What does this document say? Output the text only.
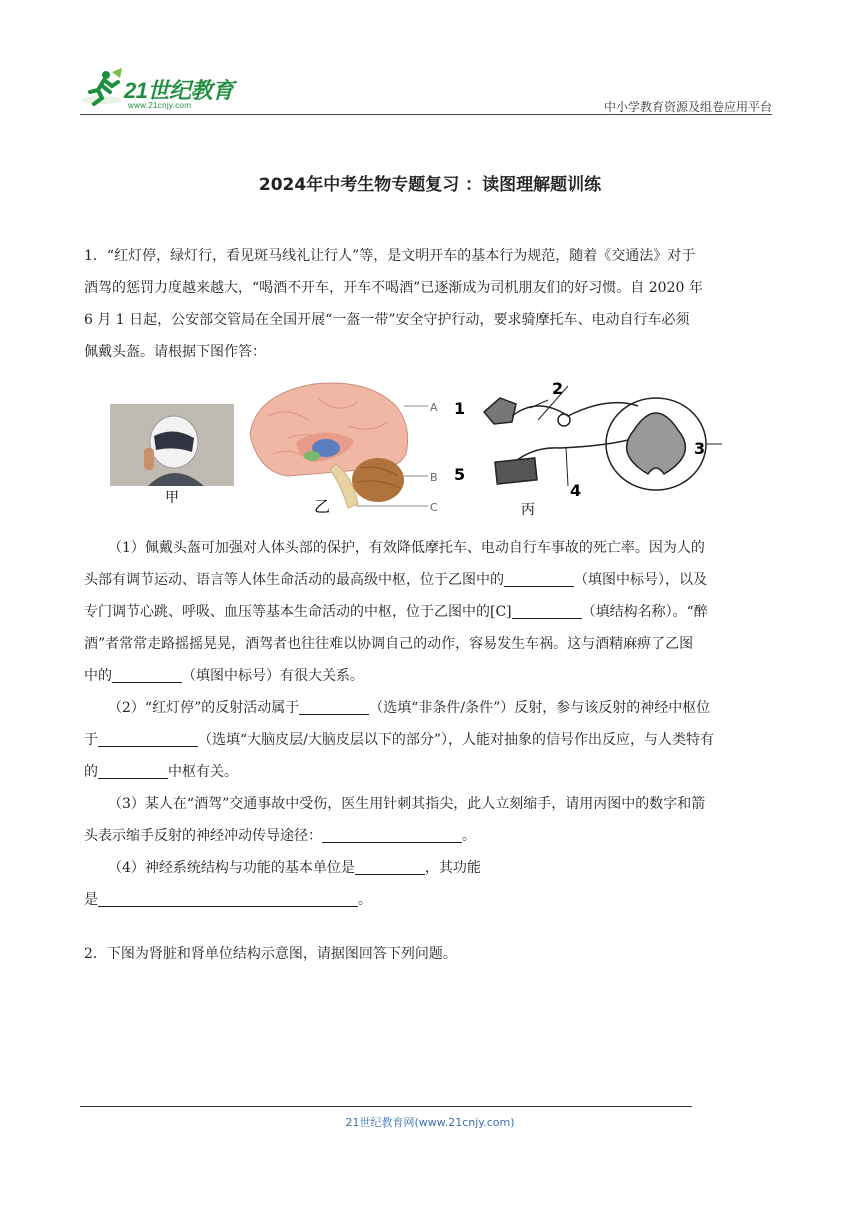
21世纪教育
www.21cnjy.com	中小学教育资源及组卷应用平台
2024年中考生物专题复习 ：读图理解题训练
1．“红灯停，绿灯行，看见斑马线礼让行人”等，是文明开车的基本行为规范，随着《交通法》对于
酒驾的惩罚力度越来越大，“喝酒不开车，开车不喝酒”已逐渐成为司机朋友们的好习惯。自 2020 年
6 月 1 日起，公安部交管局在全国开展“一盔一带”安全守护行动，要求骑摩托车、电动自行车必须
佩戴头盔。请根据下图作答：
甲
A
B
C
乙
1
2
3
4
5
丙
（1）佩戴头盔可加强对人体头部的保护，有效降低摩托车、电动自行车事故的死亡率。因为人的
头部有调节运动、语言等人体生命活动的最高级中枢，位于乙图中的	（填图中标号），以及
专门调节心跳、呼吸、血压等基本生命活动的中枢，位于乙图中的[C]	（填结构名称）。“醉
酒”者常常走路摇摇晃晃，酒驾者也往往难以协调自己的动作，容易发生车祸。这与酒精麻痹了乙图
中的	（填图中标号）有很大关系。
（2）“红灯停”的反射活动属于	（选填“非条件/条件”）反射，参与该反射的神经中枢位
于	（选填“大脑皮层/大脑皮层以下的部分”），人能对抽象的信号作出反应，与人类特有
的	中枢有关。
（3）某人在“酒驾”交通事故中受伤，医生用针刺其指尖，此人立刻缩手，请用丙图中的数字和箭
头表示缩手反射的神经冲动传导途径：	。
（4）神经系统结构与功能的基本单位是	，其功能
是	。
2．下图为肾脏和肾单位结构示意图，请据图回答下列问题。
21世纪教育网(www.21cnjy.com)
